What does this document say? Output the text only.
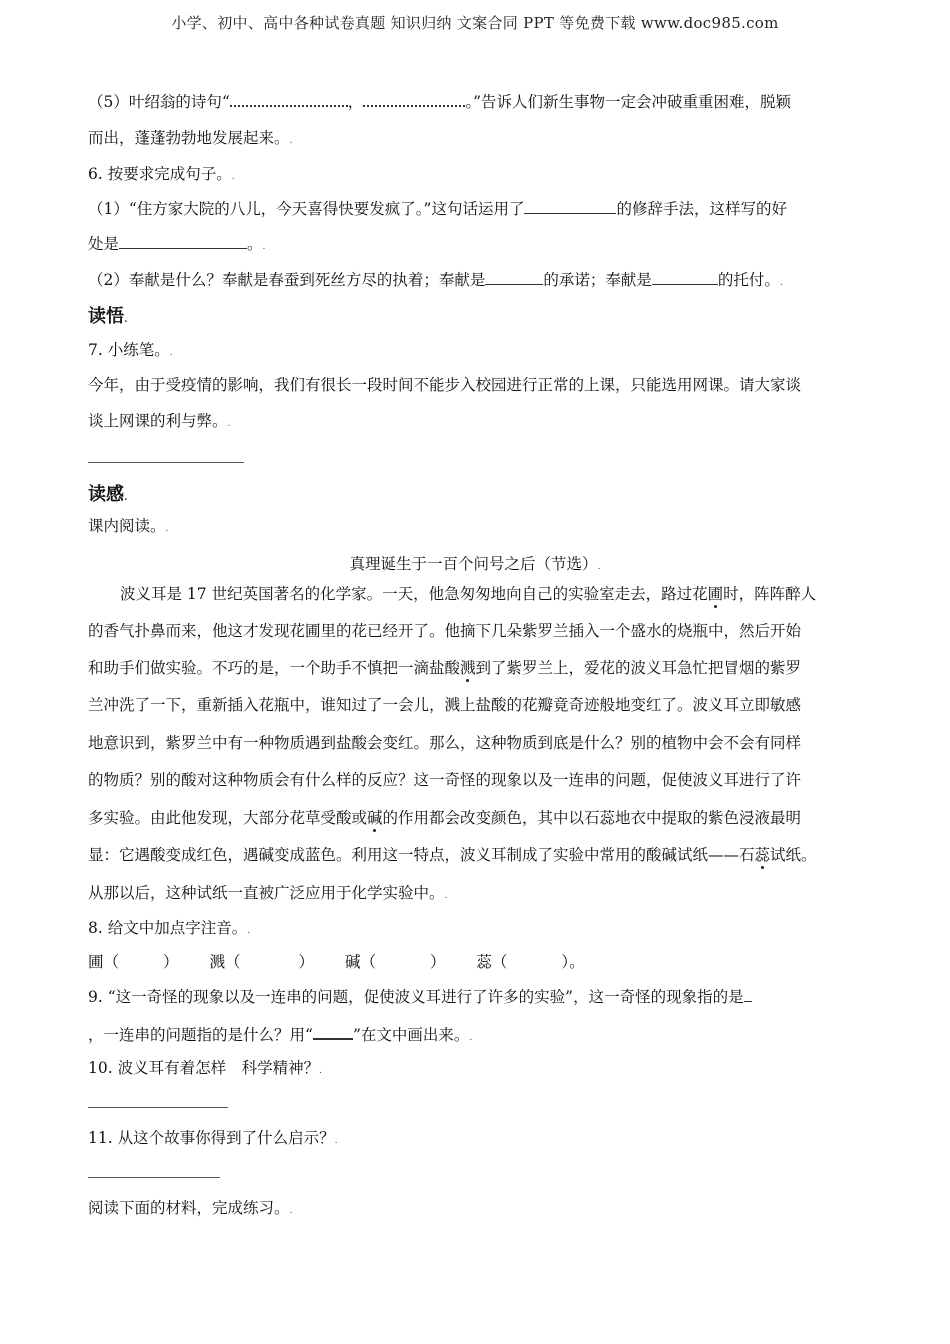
小学、初中、高中各种试卷真题 知识归纳 文案合同 PPT 等免费下载 www.doc985.com
（5）叶绍翁的诗句“	，	。”告诉人们新生事物一定会冲破重重困难，脱颖
而出，蓬蓬勃勃地发展起来。.
6. 按要求完成句子。.
（1）“住方家大院的八儿，今天喜得快要发疯了。”这句话运用了	的修辞手法，这样写的好
处是	。.
（2）奉献是什么？奉献是春蚕到死丝方尽的执着；奉献是	的承诺；奉献是	的托付。.
读悟.
7. 小练笔。.
今年，由于受疫情的影响，我们有很长一段时间不能步入校园进行正常的上课，只能选用网课。请大家谈
谈上网课的利与弊。.
读感.
课内阅读。.
真理诞生于一百个问号之后（节选）.
波义耳是 17 世纪英国著名的化学家。一天，他急匆匆地向自己的实验室走去，路过花圃时，阵阵醉人
的香气扑鼻而来，他这才发现花圃里的花已经开了。他摘下几朵紫罗兰插入一个盛水的烧瓶中，然后开始
和助手们做实验。不巧的是，一个助手不慎把一滴盐酸溅到了紫罗兰上，爱花的波义耳急忙把冒烟的紫罗
兰冲洗了一下，重新插入花瓶中，谁知过了一会儿，溅上盐酸的花瓣竟奇迹般地变红了。波义耳立即敏感
地意识到，紫罗兰中有一种物质遇到盐酸会变红。那么，这种物质到底是什么？别的植物中会不会有同样
的物质？别的酸对这种物质会有什么样的反应？这一奇怪的现象以及一连串的问题，促使波义耳进行了许
多实验。由此他发现，大部分花草受酸或碱的作用都会改变颜色，其中以石蕊地衣中提取的紫色浸液最明
显：它遇酸变成红色，遇碱变成蓝色。利用这一特点，波义耳制成了实验中常用的酸碱试纸——石蕊试纸。
从那以后，这种试纸一直被广泛应用于化学实验中。.
8. 给文中加点字注音。.
圃（	） 溅（	） 碱（	） 蕊（	）。
9. “这一奇怪的现象以及一连串的问题，促使波义耳进行了许多的实验”，这一奇怪的现象指的是
，一连串的问题指的是什么？用“	”在文中画出来。.
10. 波义耳有着怎样　科学精神？.
11. 从这个故事你得到了什么启示？.
阅读下面的材料，完成练习。.
